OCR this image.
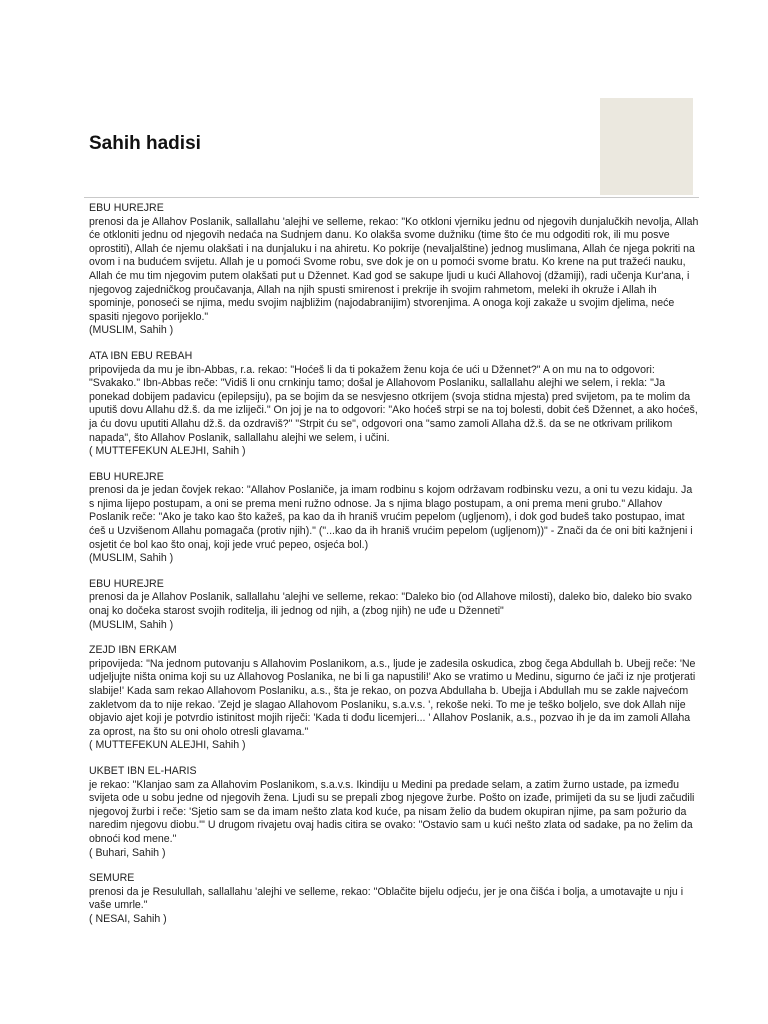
Sahih hadisi
EBU HUREJRE
prenosi da je Allahov Poslanik, sallallahu 'alejhi ve selleme, rekao: "Ko otkloni vjerniku jednu od njegovih dunjalučkih nevolja, Allah će otkloniti jednu od njegovih nedaća na Sudnjem danu. Ko olakša svome dužniku (time što će mu odgoditi rok, ili mu posve oprostiti), Allah će njemu olakšati i na dunjaluku i na ahiretu. Ko pokrije (nevaljalštine) jednog muslimana, Allah će njega pokriti na ovom i na budućem svijetu. Allah je u pomoći Svome robu, sve dok je on u pomoći svome bratu. Ko krene na put tražeći nauku, Allah će mu tim njegovim putem olakšati put u Džennet. Kad god se sakupe ljudi u kući Allahovoj (džamiji), radi učenja Kur'ana, i njegovog zajedničkog proučavanja, Allah na njih spusti smirenost i prekrije ih svojim rahmetom, meleki ih okruže i Allah ih spominje, ponoseći se njima, medu svojim najbližim (najodabranijim) stvorenjima. A onoga koji zakaže u svojim djelima, neće spasiti njegovo porijeklo."
(MUSLIM, Sahih )
ATA IBN EBU REBAH
pripovijeda da mu je ibn-Abbas, r.a. rekao: "Hoćeš li da ti pokažem ženu koja će ući u Džennet?" A on mu na to odgovori: "Svakako." Ibn-Abbas reče: "Vidiš li onu crnkinju tamo; došal je Allahovom Poslaniku, sallallahu alejhi we selem, i rekla: "Ja ponekad dobijem padavicu (epilepsiju), pa se bojim da se nesvjesno otkrijem (svoja stidna mjesta) pred svijetom, pa te molim da uputiš dovu Allahu dž.š. da me izliječi." On joj je na to odgovori: "Ako hoćeš strpi se na toj bolesti, dobit ćeš Džennet, a ako hoćeš, ja ću dovu uputiti Allahu dž.š. da ozdraviš?" "Strpit ću se", odgovori ona "samo zamoli Allaha dž.š. da se ne otkrivam prilikom napada", što Allahov Poslanik, sallallahu alejhi we selem, i učini.
( MUTTEFEKUN ALEJHI, Sahih )
EBU HUREJRE
prenosi da je jedan čovjek rekao: "Allahov Poslaniče, ja imam rodbinu s kojom održavam rodbinsku vezu, a oni tu vezu kidaju. Ja s njima lijepo postupam, a oni se prema meni ružno odnose. Ja s njima blago postupam, a oni prema meni grubo." Allahov Poslanik reče: "Ako je tako kao što kažeš, pa kao da ih hraniš vrućim pepelom (ugljenom), i dok god budeš tako postupao, imat ćeš u Uzvišenom Allahu pomagača (protiv njih)." ("...kao da ih hraniš vrućim pepelom (ugljenom))" - Znači da će oni biti kažnjeni i osjetit će bol kao što onaj, koji jede vruć pepeo, osjeća bol.)
(MUSLIM, Sahih )
EBU HUREJRE
prenosi da je Allahov Poslanik, sallallahu 'alejhi ve selleme, rekao: "Daleko bio (od Allahove milosti), daleko bio, daleko bio svako onaj ko dočeka starost svojih roditelja, ili jednog od njih, a (zbog njih) ne uđe u Dženneti"
(MUSLIM, Sahih )
ZEJD IBN ERKAM
pripovijeda: "Na jednom putovanju s Allahovim Poslanikom, a.s., ljude je zadesila oskudica, zbog čega Abdullah b. Ubejj reče: 'Ne udjeljujte ništa onima koji su uz Allahovog Poslanika, ne bi li ga napustili!' Ako se vratimo u Medinu, sigurno će jači iz nje protjerati slabije!' Kada sam rekao Allahovom Poslaniku, a.s., šta je rekao, on pozva Abdullaha b. Ubejja i Abdullah mu se zakle najvećom zakletvom da to nije rekao. 'Zejd je slagao Allahovom Poslaniku, s.a.v.s. ', rekoše neki. To me je teško boljelo, sve dok Allah nije objavio ajet koji je potvrdio istinitost mojih riječi: 'Kada ti dođu licemjeri... ' Allahov Poslanik, a.s., pozvao ih je da im zamoli Allaha za oprost, na što su oni oholo otresli glavama."
( MUTTEFEKUN ALEJHI, Sahih )
UKBET IBN EL-HARIS
je rekao: "Klanjao sam za Allahovim Poslanikom, s.a.v.s. Ikindiju u Medini pa predade selam, a zatim žurno ustade, pa između svijeta ode u sobu jedne od njegovih žena. Ljudi su se prepali zbog njegove žurbe. Pošto on izađe, primijeti da su se ljudi začudili njegovoj žurbi i reče: 'Sjetio sam se da imam nešto zlata kod kuće, pa nisam želio da budem okupiran njime, pa sam požurio da naredim njegovu diobu.'" U drugom rivajetu ovaj hadis citira se ovako: "Ostavio sam u kući nešto zlata od sadake, pa no želim da obnoći kod mene."
( Buhari, Sahih )
SEMURE
prenosi da je Resulullah, sallallahu 'alejhi ve selleme, rekao: "Oblačite bijelu odjeću, jer je ona čišća i bolja, a umotavajte u nju i vaše umrle."
( NESAI, Sahih )
